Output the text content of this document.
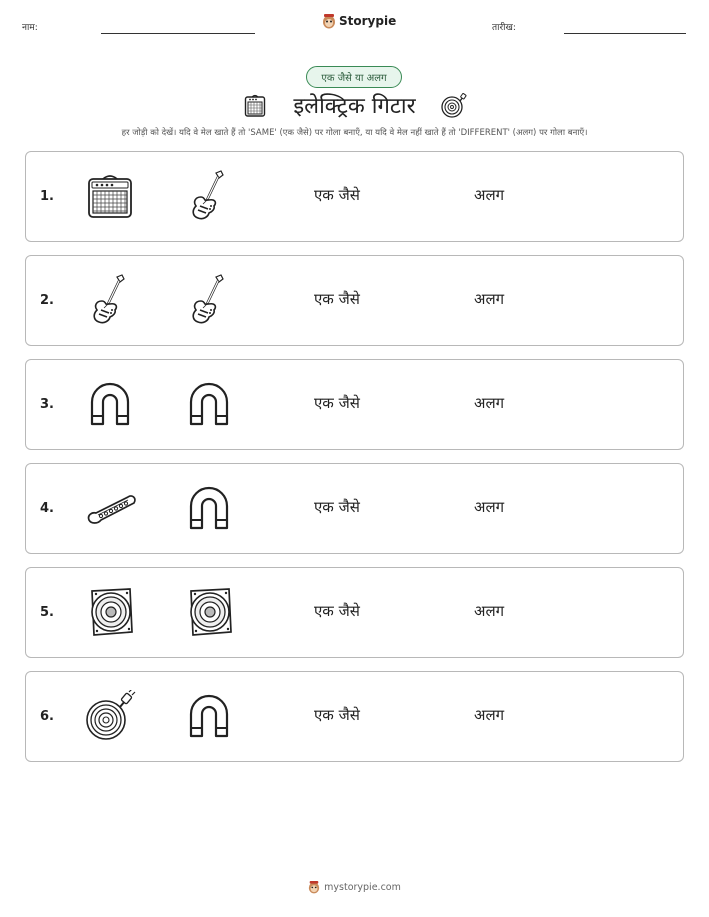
नाम:	Storypie	तारीख:
एक जैसे या अलग
इलेक्ट्रिक गिटार
हर जोड़ी को देखें। यदि वे मेल खाते हैं तो 'SAME' (एक जैसे) पर गोला बनाएँ, या यदि वे मेल नहीं खाते हैं तो 'DIFFERENT' (अलग) पर गोला बनाएँ।
1.	एक जैसे	अलग
2.	एक जैसे	अलग
3.	एक जैसे	अलग
4.	एक जैसे	अलग
5.	एक जैसे	अलग
6.	एक जैसे	अलग
mystorypie.com
